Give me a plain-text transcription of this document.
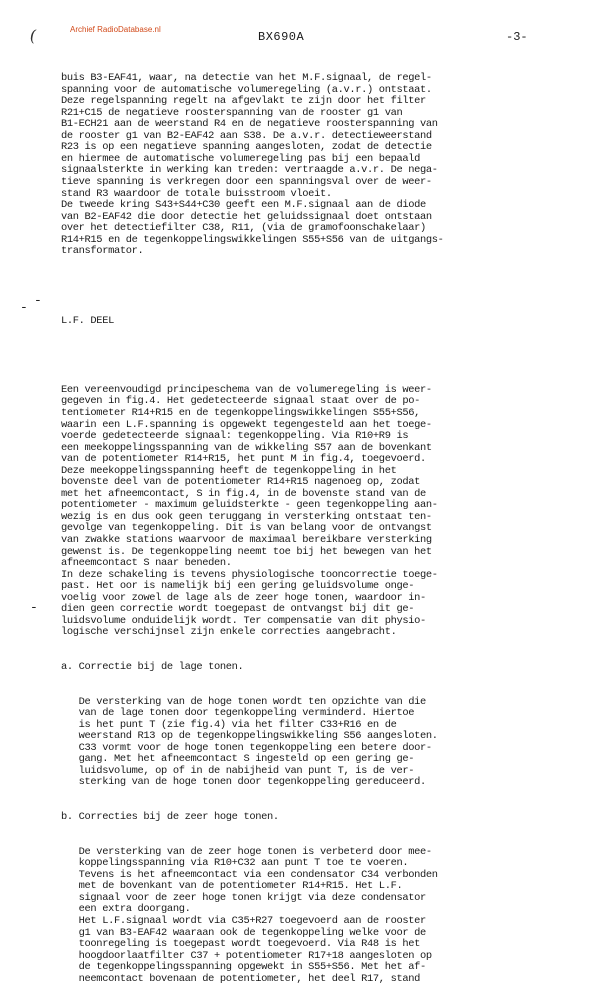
(	Archief RadioDatabase.nl
BX690A	-3-
- -
-

buis B3-EAF41, waar, na detectie van het M.F.signaal, de regel-
spanning voor de automatische volumeregeling (a.v.r.) ontstaat.
Deze regelspanning regelt na afgevlakt te zijn door het filter
R21+C15 de negatieve roosterspanning van de rooster g1 van
B1-ECH21 aan de weerstand R4 en de negatieve roosterspanning van
de rooster g1 van B2-EAF42 aan S38. De a.v.r. detectieweerstand
R23 is op een negatieve spanning aangesloten, zodat de detectie
en hiermee de automatische volumeregeling pas bij een bepaald
signaalsterkte in werking kan treden: vertraagde a.v.r. De nega-
tieve spanning is verkregen door een spanningsval over de weer-
stand R3 waardoor de totale buisstroom vloeit.
De tweede kring S43+S44+C30 geeft een M.F.signaal aan de diode
van B2-EAF42 die door detectie het geluidssignaal doet ontstaan
over het detectiefilter C38, R11, (via de gramofoonschakelaar)
R14+R15 en de tegenkoppelingswikkelingen S55+S56 van de uitgangs-
transformator.

L.F. DEEL

Een vereenvoudigd principeschema van de volumeregeling is weer-
gegeven in fig.4. Het gedetecteerde signaal staat over de po-
tentiometer R14+R15 en de tegenkoppelingswikkelingen S55+S56,
waarin een L.F.spanning is opgewekt tegengesteld aan het toege-
voerde gedetecteerde signaal: tegenkoppeling. Via R10+R9 is
een meekoppelingsspanning van de wikkeling S57 aan de bovenkant
van de potentiometer R14+R15, het punt M in fig.4, toegevoerd.
Deze meekoppelingsspanning heeft de tegenkoppeling in het
bovenste deel van de potentiometer R14+R15 nagenoeg op, zodat
met het afneemcontact, S in fig.4, in de bovenste stand van de
potentiometer - maximum geluidsterkte - geen tegenkoppeling aan-
wezig is en dus ook geen teruggang in versterking ontstaat ten-
gevolge van tegenkoppeling. Dit is van belang voor de ontvangst
van zwakke stations waarvoor de maximaal bereikbare versterking
gewenst is. De tegenkoppeling neemt toe bij het bewegen van het
afneemcontact S naar beneden.
In deze schakeling is tevens physiologische tooncorrectie toege-
past. Het oor is namelijk bij een gering geluidsvolume onge-
voelig voor zowel de lage als de zeer hoge tonen, waardoor in-
dien geen correctie wordt toegepast de ontvangst bij dit ge-
luidsvolume onduidelijk wordt. Ter compensatie van dit physio-
logische verschijnsel zijn enkele correcties aangebracht.

a. Correctie bij de lage tonen.

De versterking van de hoge tonen wordt ten opzichte van die
van de lage tonen door tegenkoppeling verminderd. Hiertoe
is het punt T (zie fig.4) via het filter C33+R16 en de
weerstand R13 op de tegenkoppelingswikkeling S56 aangesloten.
C33 vormt voor de hoge tonen tegenkoppeling een betere door-
gang. Met het afneemcontact S ingesteld op een gering ge-
luidsvolume, op of in de nabijheid van punt T, is de ver-
sterking van de hoge tonen door tegenkoppeling gereduceerd.

b. Correcties bij de zeer hoge tonen.

De versterking van de zeer hoge tonen is verbeterd door mee-
koppelingsspanning via R10+C32 aan punt T toe te voeren.
Tevens is het afneemcontact via een condensator C34 verbonden
met de bovenkant van de potentiometer R14+R15. Het L.F.
signaal voor de zeer hoge tonen krijgt via deze condensator
een extra doorgang.
Het L.F.signaal wordt via C35+R27 toegevoerd aan de rooster
g1 van B3-EAF42 waaraan ook de tegenkoppeling welke voor de
toonregeling is toegepast wordt toegevoerd. Via R48 is het
hoogdoorlaatfilter C37 + potentiometer R17+18 aangesloten op
de tegenkoppelingsspanning opgewekt in S55+S56. Met het af-
neemcontact bovenaan de potentiometer, het deel R17, stand
